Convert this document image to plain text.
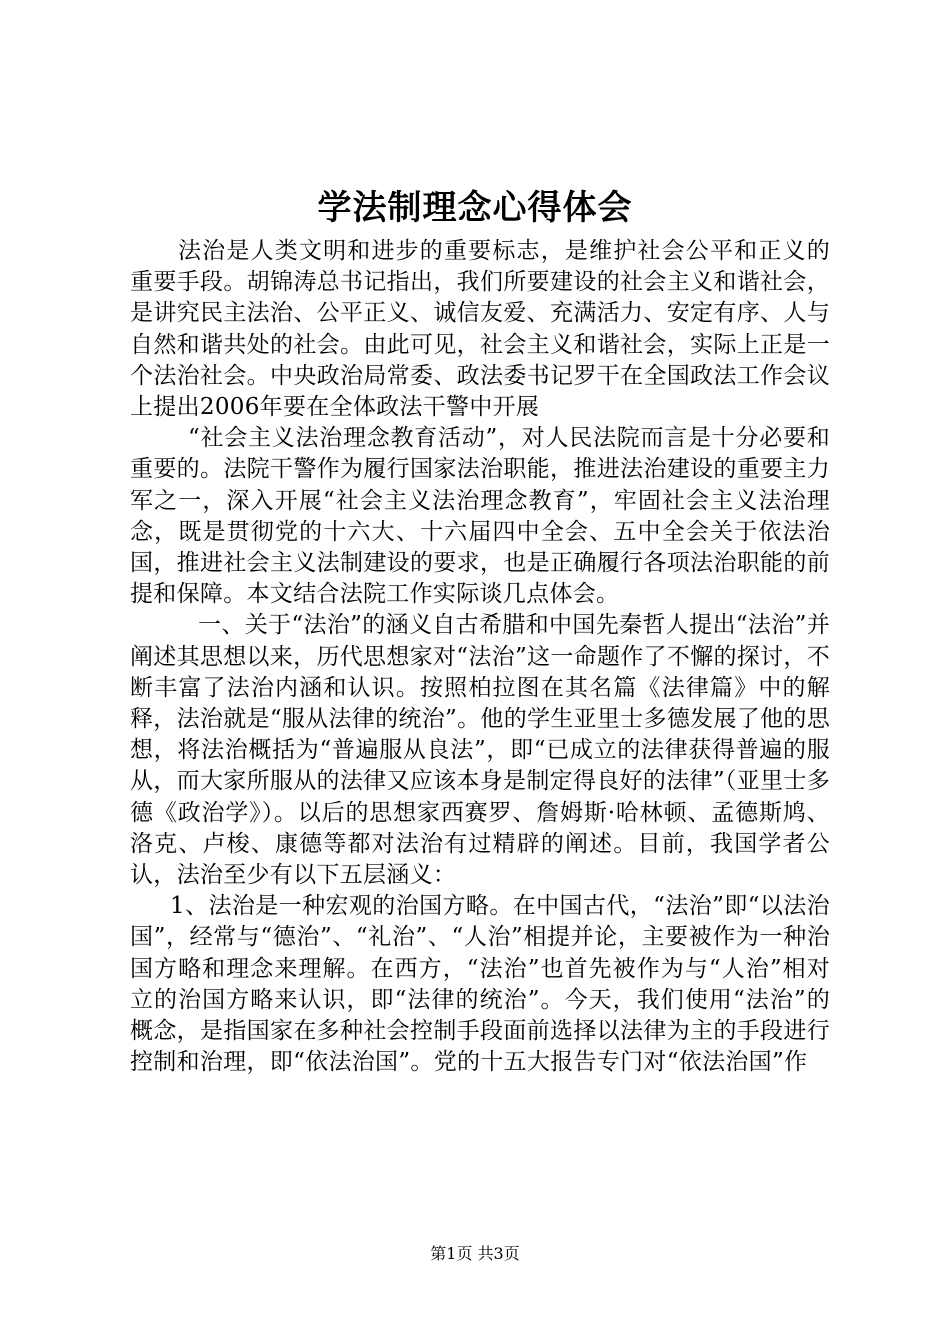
学法制理念心得体会

法治是人类文明和进步的重要标志，是维护社会公平和正义的重要手段。胡锦涛总书记指出，我们所要建设的社会主义和谐社会，是讲究民主法治、公平正义、诚信友爱、充满活力、安定有序、人与自然和谐共处的社会。由此可见，社会主义和谐社会，实际上正是一个法治社会。中央政治局常委、政法委书记罗干在全国政法工作会议上提出2006年要在全体政法干警中开展

“社会主义法治理念教育活动”，对人民法院而言是十分必要和重要的。法院干警作为履行国家法治职能，推进法治建设的重要主力军之一，深入开展“社会主义法治理念教育”，牢固社会主义法治理念，既是贯彻党的十六大、十六届四中全会、五中全会关于依法治国，推进社会主义法制建设的要求，也是正确履行各项法治职能的前提和保障。本文结合法院工作实际谈几点体会。

一、关于“法治”的涵义自古希腊和中国先秦哲人提出“法治”并阐述其思想以来，历代思想家对“法治”这一命题作了不懈的探讨，不断丰富了法治内涵和认识。按照柏拉图在其名篇《法律篇》中的解释，法治就是“服从法律的统治”。他的学生亚里士多德发展了他的思想，将法治概括为“普遍服从良法”，即“已成立的法律获得普遍的服从，而大家所服从的法律又应该本身是制定得良好的法律”（亚里士多德《政治学》）。以后的思想家西赛罗、詹姆斯·哈林顿、孟德斯鸠、洛克、卢梭、康德等都对法治有过精辟的阐述。目前，我国学者公认，法治至少有以下五层涵义：

1、法治是一种宏观的治国方略。在中国古代，“法治”即“以法治国”，经常与“德治”、“礼治”、“人治”相提并论，主要被作为一种治国方略和理念来理解。在西方，“法治”也首先被作为与“人治”相对立的治国方略来认识，即“法律的统治”。今天，我们使用“法治”的概念，是指国家在多种社会控制手段面前选择以法律为主的手段进行控制和治理，即“依法治国”。党的十五大报告专门对“依法治国”作

第1页 共3页
